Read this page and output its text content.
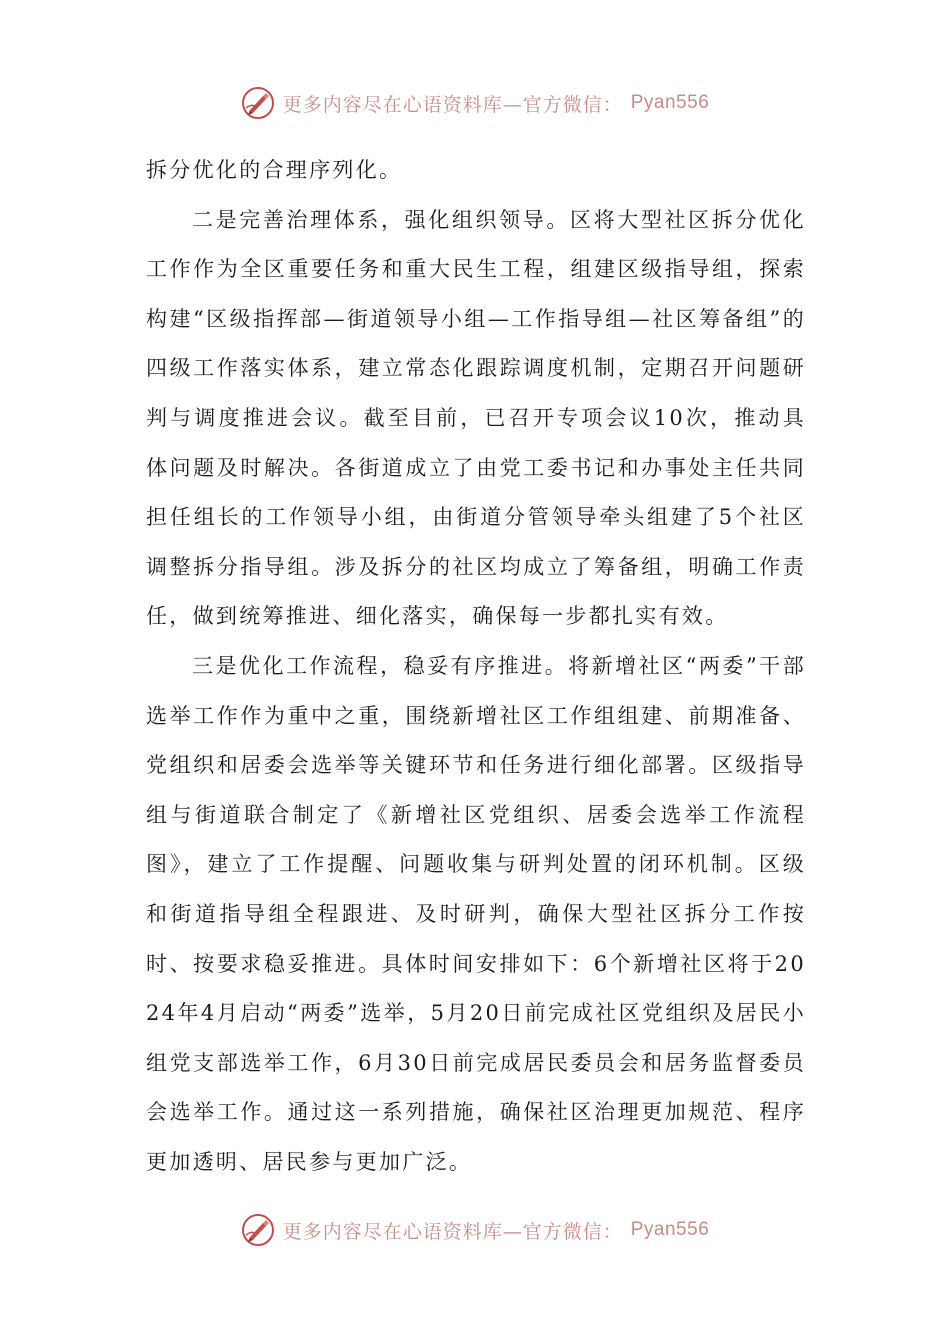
更多内容尽在心语资料库—官方微信： Pyan556

拆分优化的合理序列化。

二是完善治理体系，强化组织领导。区将大型社区拆分优化工作作为全区重要任务和重大民生工程，组建区级指导组，探索构建“区级指挥部—街道领导小组—工作指导组—社区筹备组”的四级工作落实体系，建立常态化跟踪调度机制，定期召开问题研判与调度推进会议。截至目前，已召开专项会议10次，推动具体问题及时解决。各街道成立了由党工委书记和办事处主任共同担任组长的工作领导小组，由街道分管领导牵头组建了5个社区调整拆分指导组。涉及拆分的社区均成立了筹备组，明确工作责任，做到统筹推进、细化落实，确保每一步都扎实有效。

三是优化工作流程，稳妥有序推进。将新增社区“两委”干部选举工作作为重中之重，围绕新增社区工作组组建、前期准备、党组织和居委会选举等关键环节和任务进行细化部署。区级指导组与街道联合制定了《新增社区党组织、居委会选举工作流程图》，建立了工作提醒、问题收集与研判处置的闭环机制。区级和街道指导组全程跟进、及时研判，确保大型社区拆分工作按时、按要求稳妥推进。具体时间安排如下：6个新增社区将于2024年4月启动“两委”选举，5月20日前完成社区党组织及居民小组党支部选举工作，6月30日前完成居民委员会和居务监督委员会选举工作。通过这一系列措施，确保社区治理更加规范、程序更加透明、居民参与更加广泛。

更多内容尽在心语资料库—官方微信： Pyan556
